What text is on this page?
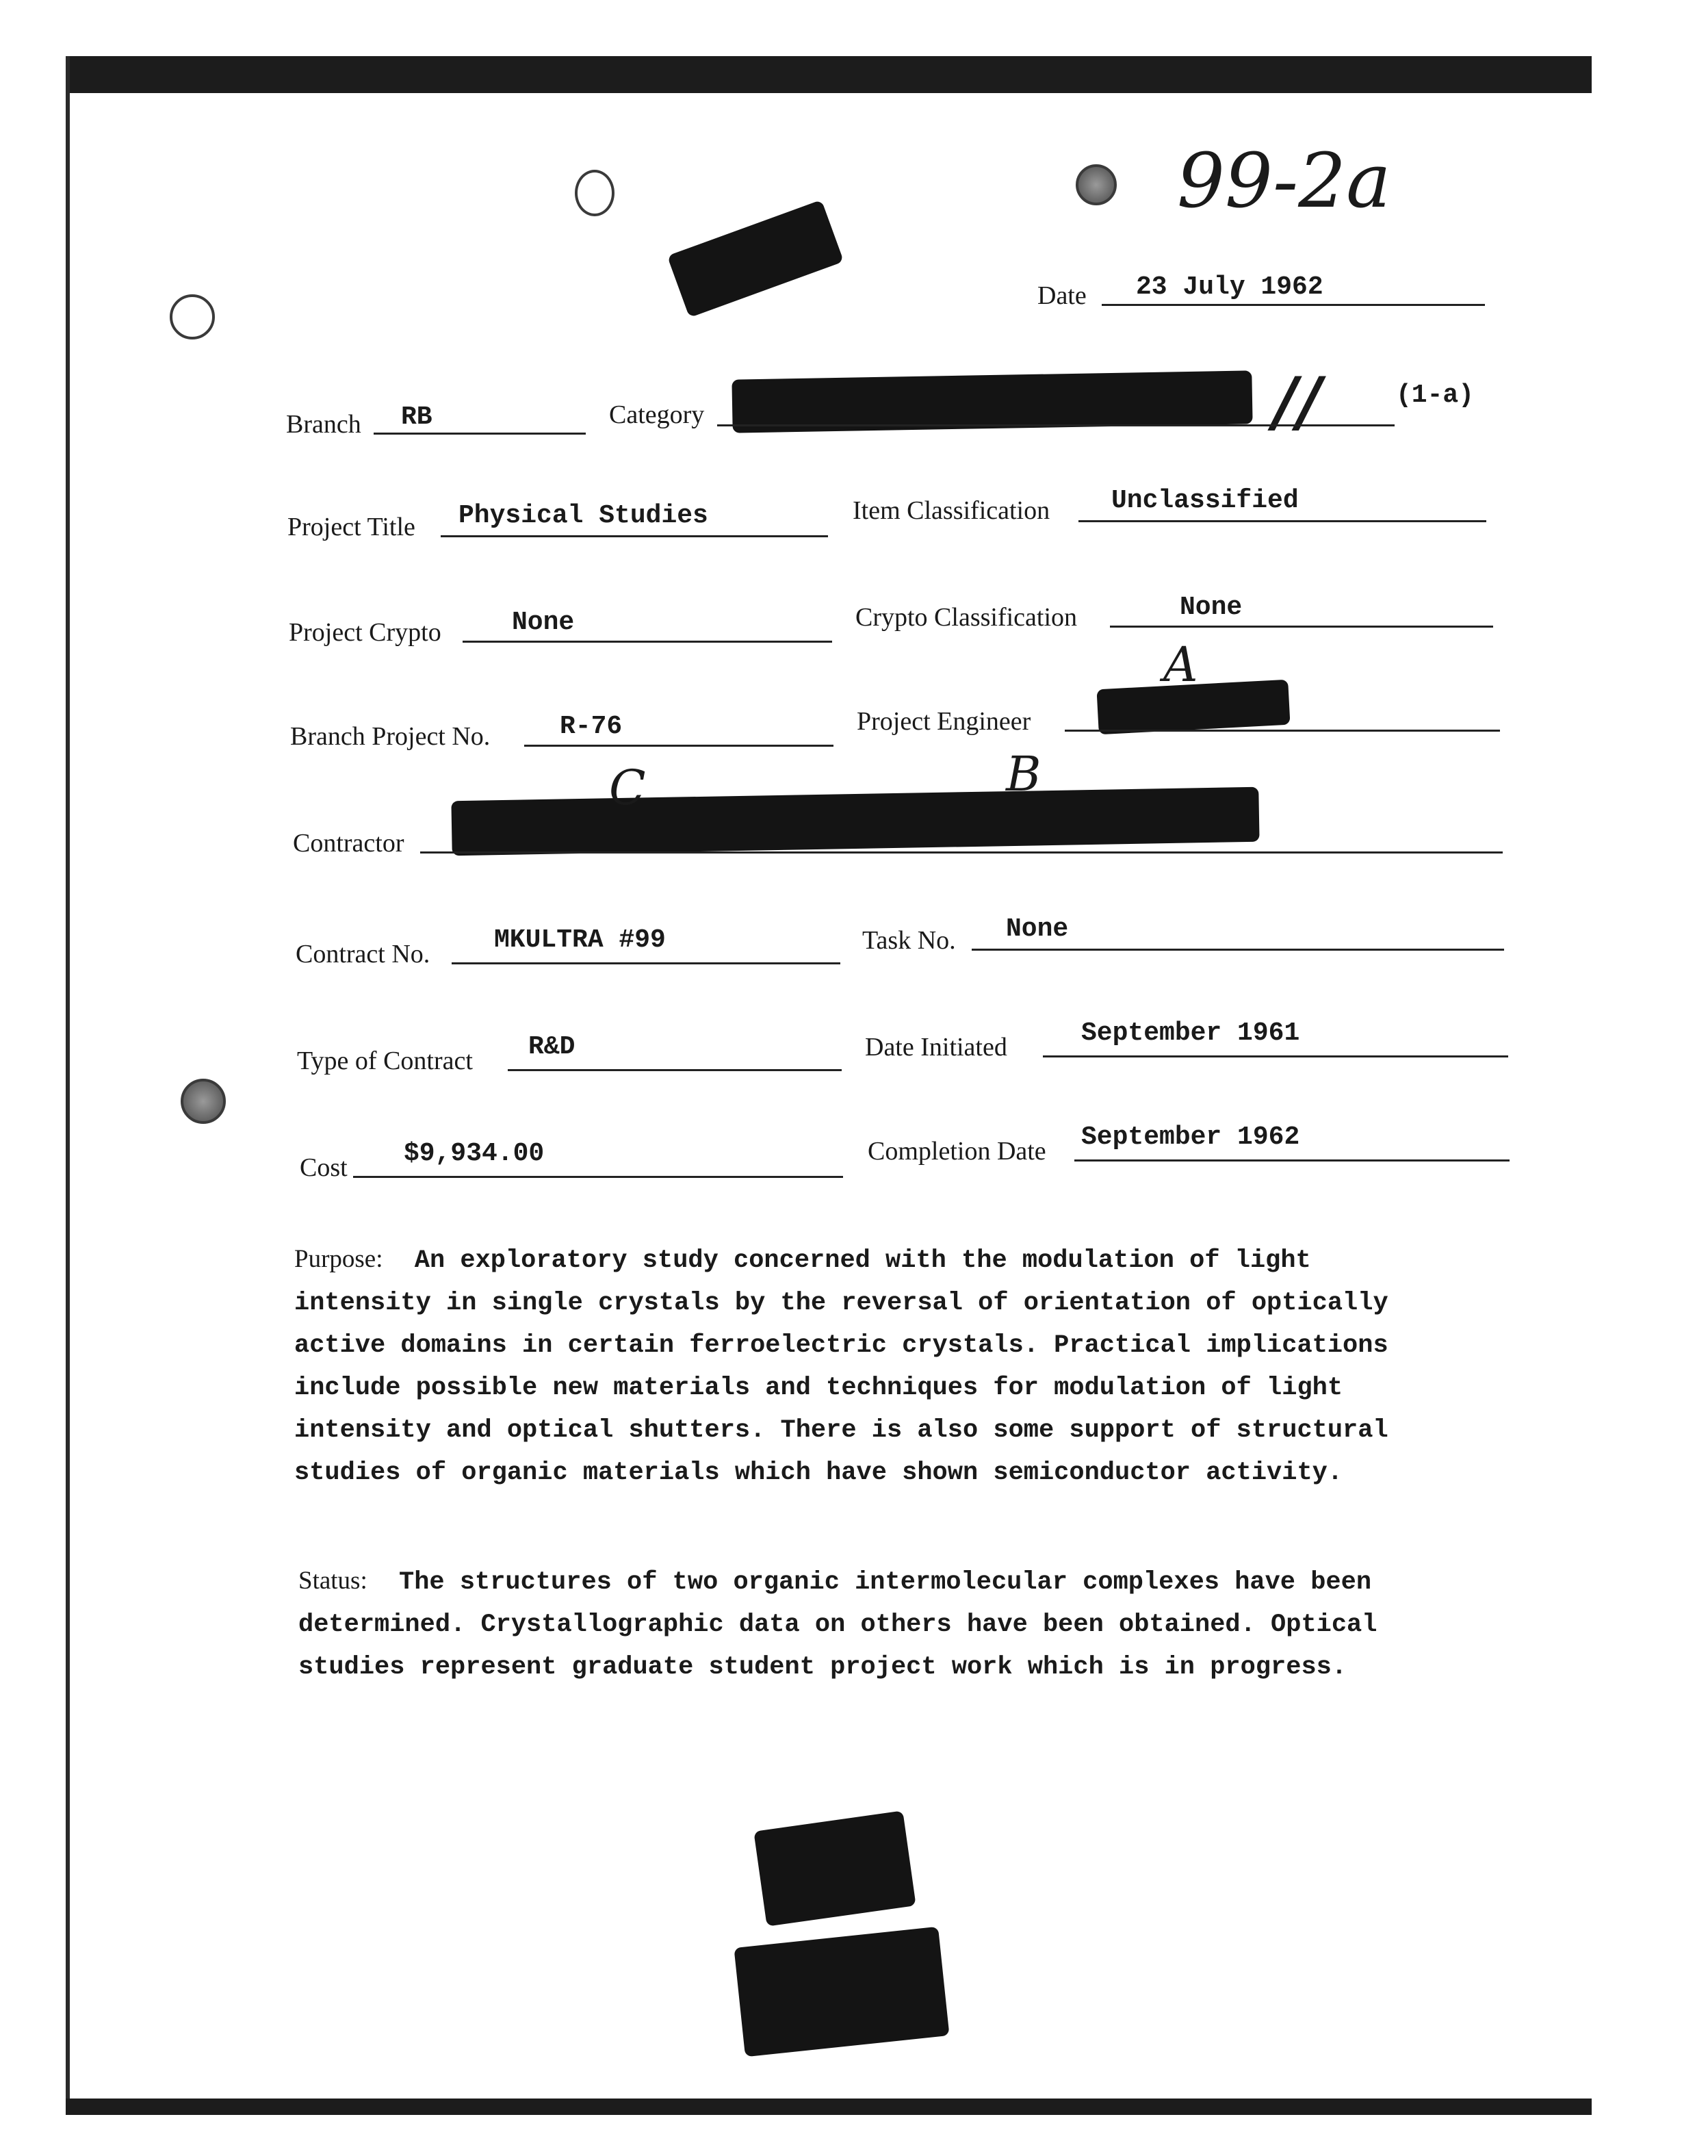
99-2a
A
B
C
//
Date 23 July 1962
Branch RB	Category
(1-a)
Project Title Physical Studies	Item Classification Unclassified
Project Crypto	None	Crypto Classification	None
Branch Project No.	R-76	Project Engineer
Contractor
Contract No. MKULTRA #99	Task No. None
Type of Contract R&D	Date Initiated	September 1961
Cost $9,934.00	Completion Date September 1962
Purpose: An exploratory study concerned with the modulation of light intensity in single crystals by the reversal of orientation of optically active domains in certain ferroelectric crystals. Practical implications include possible new materials and techniques for modulation of light intensity and optical shutters. There is also some support of structural studies of organic materials which have shown semiconductor activity.
Status: The structures of two organic intermolecular complexes have been determined. Crystallographic data on others have been obtained. Optical studies represent graduate student project work which is in progress.
